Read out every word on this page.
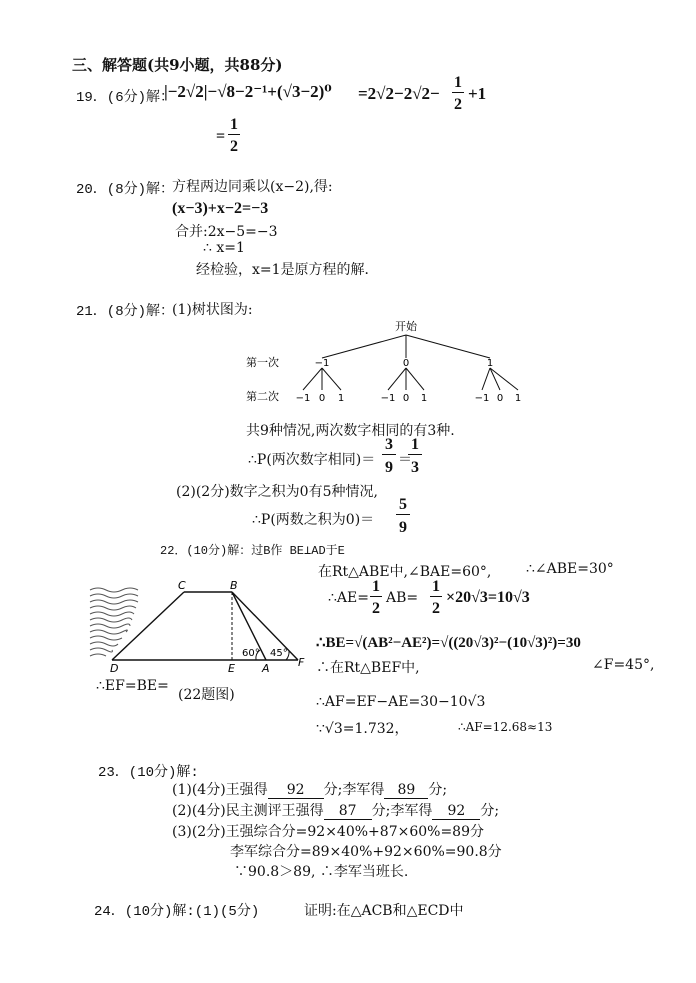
三、解答题(共9小题，共88分)
19．(6分)解：
|−2√2|−√8−2⁻¹+(√3−2)⁰ =2√2−2√2−
1
2
+1
=
1
2
20．(8分)解：
方程两边同乘以(x−2),得:
(x−3)+x−2=−3
合并:2x−5=−3
∴ x=1
经检验，x=1是原方程的解．
21．(8分)解：
(1)树状图为:
开始
第一次
第二次
−1	0	1
−1 0 1	−1 0 1	−1 0 1
共9种情况,两次数字相同的有3种.
∴P(两次数字相同)＝
3
9 ＝
1
3
(2)(2分)数字之积为0有5种情况,
∴P(两数之积为0)＝
5
9
22．(10分)解：过B作 BE⊥AD于E
在Rt△ABE中,∠BAE=60°, ∴∠ABE=30°
∴AE=
1
2
AB=
1
2
×20√3=10√3
∴BE=√(AB²−AE²)=√((20√3)²−(10√3)²)=30
∴在Rt△BEF中,	∠F=45°,
C	B
D	E A	F
60° 45°
∴EF=BE=
(22题图)	∴AF=EF−AE=30−10√3
∵√3=1.732，	∴AF=12.68≈13
23．(10分)解:
(1)(4分)王强得 92 分;李军得 89 分;
(2)(4分)民主测评王强得 87 分;李军得 92 分;
(3)(2分)王强综合分=92×40%+87×60%=89分
李军综合分=89×40%+92×60%=90.8分
∵90.8＞89, ∴李军当班长.
24．(10分)解:(1)(5分)	证明:在△ACB和△ECD中
